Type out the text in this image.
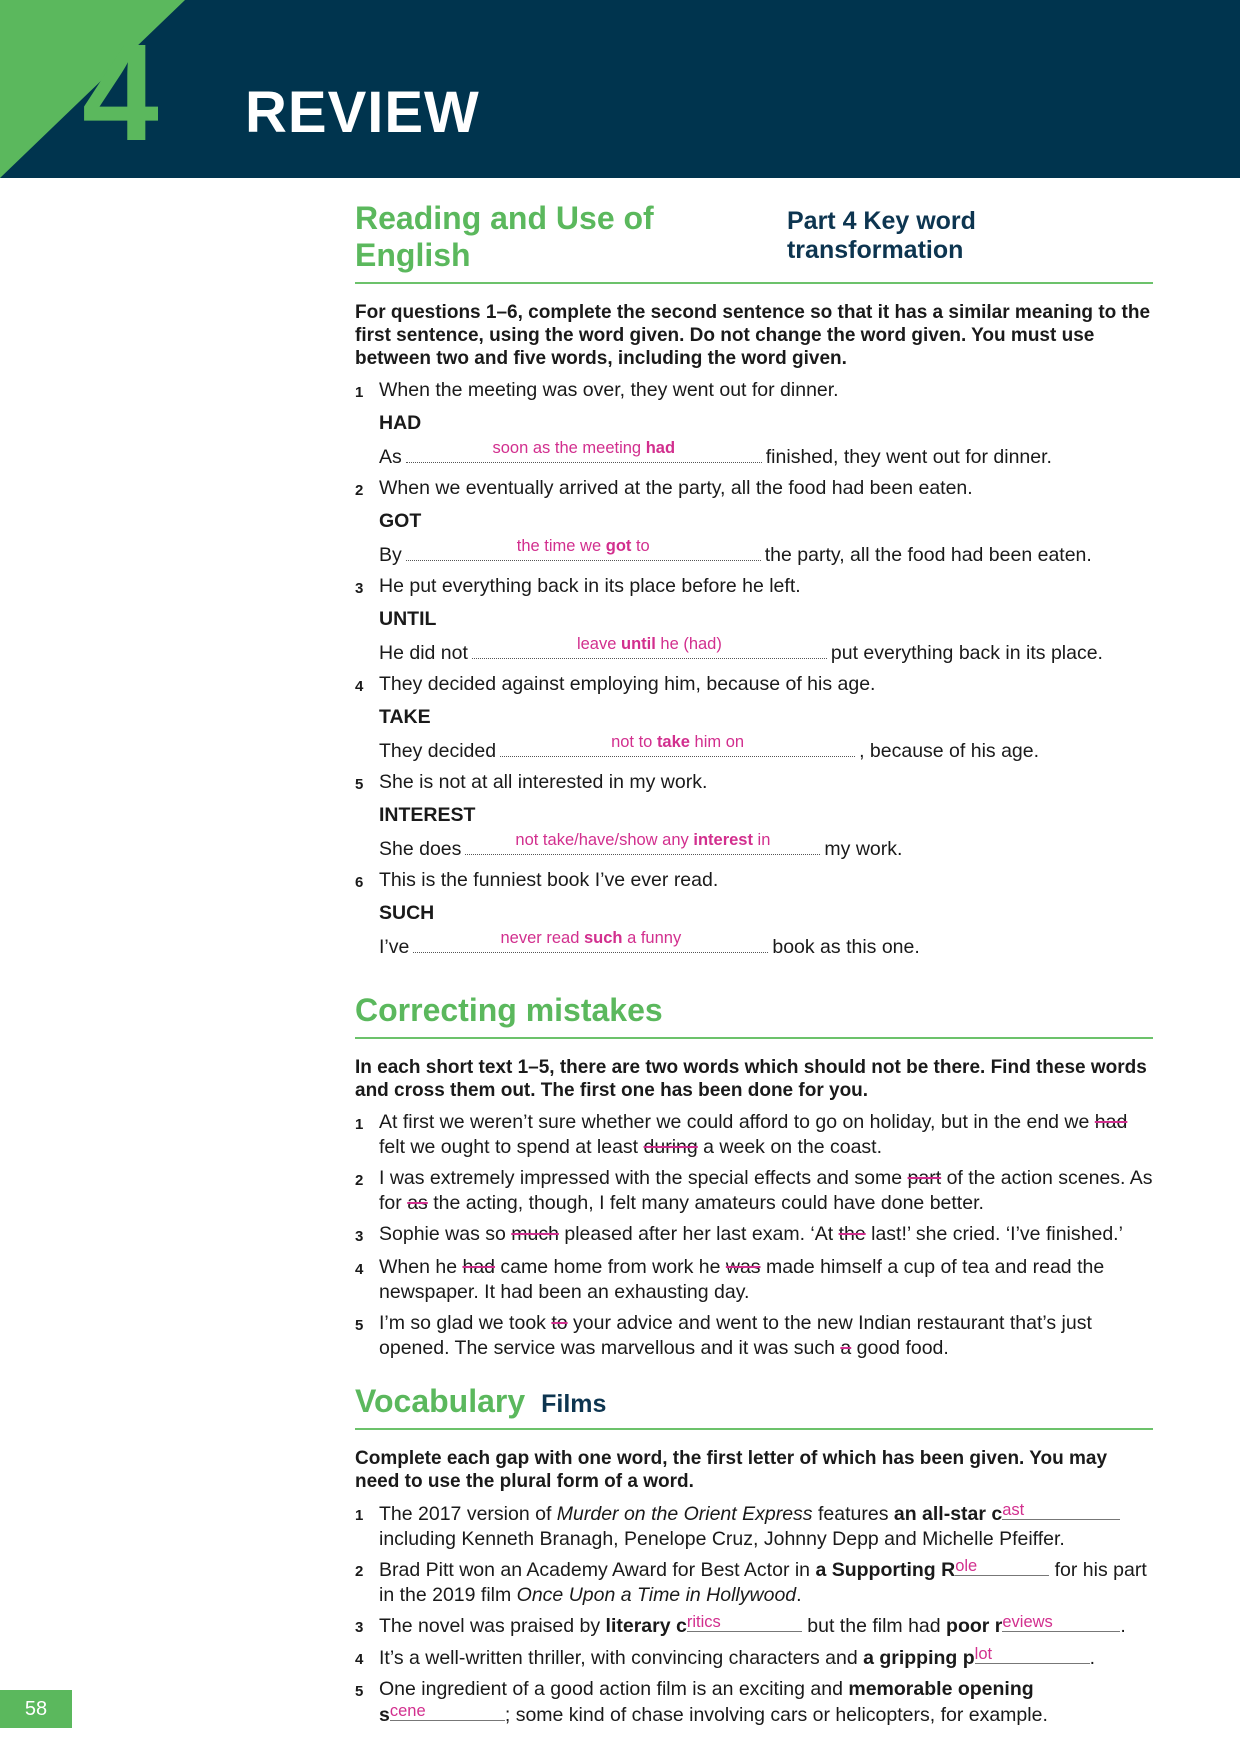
4 REVIEW
Reading and Use of English
Part 4 Key word transformation
For questions 1–6, complete the second sentence so that it has a similar meaning to the first sentence, using the word given. Do not change the word given. You must use between two and five words, including the word given.
1 When the meeting was over, they went out for dinner.
HAD
As	soon as the meeting had	finished, they went out for dinner.
2 When we eventually arrived at the party, all the food had been eaten.
GOT
By	the time we got to	the party, all the food had been eaten.
3 He put everything back in its place before he left.
UNTIL
He did not	leave until he (had)	put everything back in its place.
4 They decided against employing him, because of his age.
TAKE
They decided	not to take him on	, because of his age.
5 She is not at all interested in my work.
INTEREST
She does	not take/have/show any interest in	my work.
6 This is the funniest book I’ve ever read.
SUCH
I’ve	never read such a funny	book as this one.
Correcting mistakes
In each short text 1–5, there are two words which should not be there. Find these words and cross them out. The first one has been done for you.
1 At first we weren’t sure whether we could afford to go on holiday, but in the end we had felt we ought to spend at least during a week on the coast.
2 I was extremely impressed with the special effects and some part of the action scenes. As for as the acting, though, I felt many amateurs could have done better.
3 Sophie was so much pleased after her last exam. ‘At the last!’ she cried. ‘I’ve finished.’
4 When he had came home from work he was made himself a cup of tea and read the newspaper. It had been an exhausting day.
5 I’m so glad we took to your advice and went to the new Indian restaurant that’s just opened. The service was marvellous and it was such a good food.
Vocabulary Films
Complete each gap with one word, the first letter of which has been given. You may need to use the plural form of a word.
1 The 2017 version of Murder on the Orient Express features an all-star c ast

including Kenneth Branagh, Penelope Cruz, Johnny Depp and Michelle Pfeiffer.
2 Brad Pitt won an Academy Award for Best Actor in a Supporting R ole	for his part in the 2019 film Once Upon a Time in Hollywood.
3 The novel was praised by literary c ritics	but the film had poor r eviews	.
4 It’s a well-written thriller, with convincing characters and a gripping p lot	.
5 One ingredient of a good action film is an exciting and memorable opening
s cene	; some kind of chase involving cars or helicopters, for example.
58
